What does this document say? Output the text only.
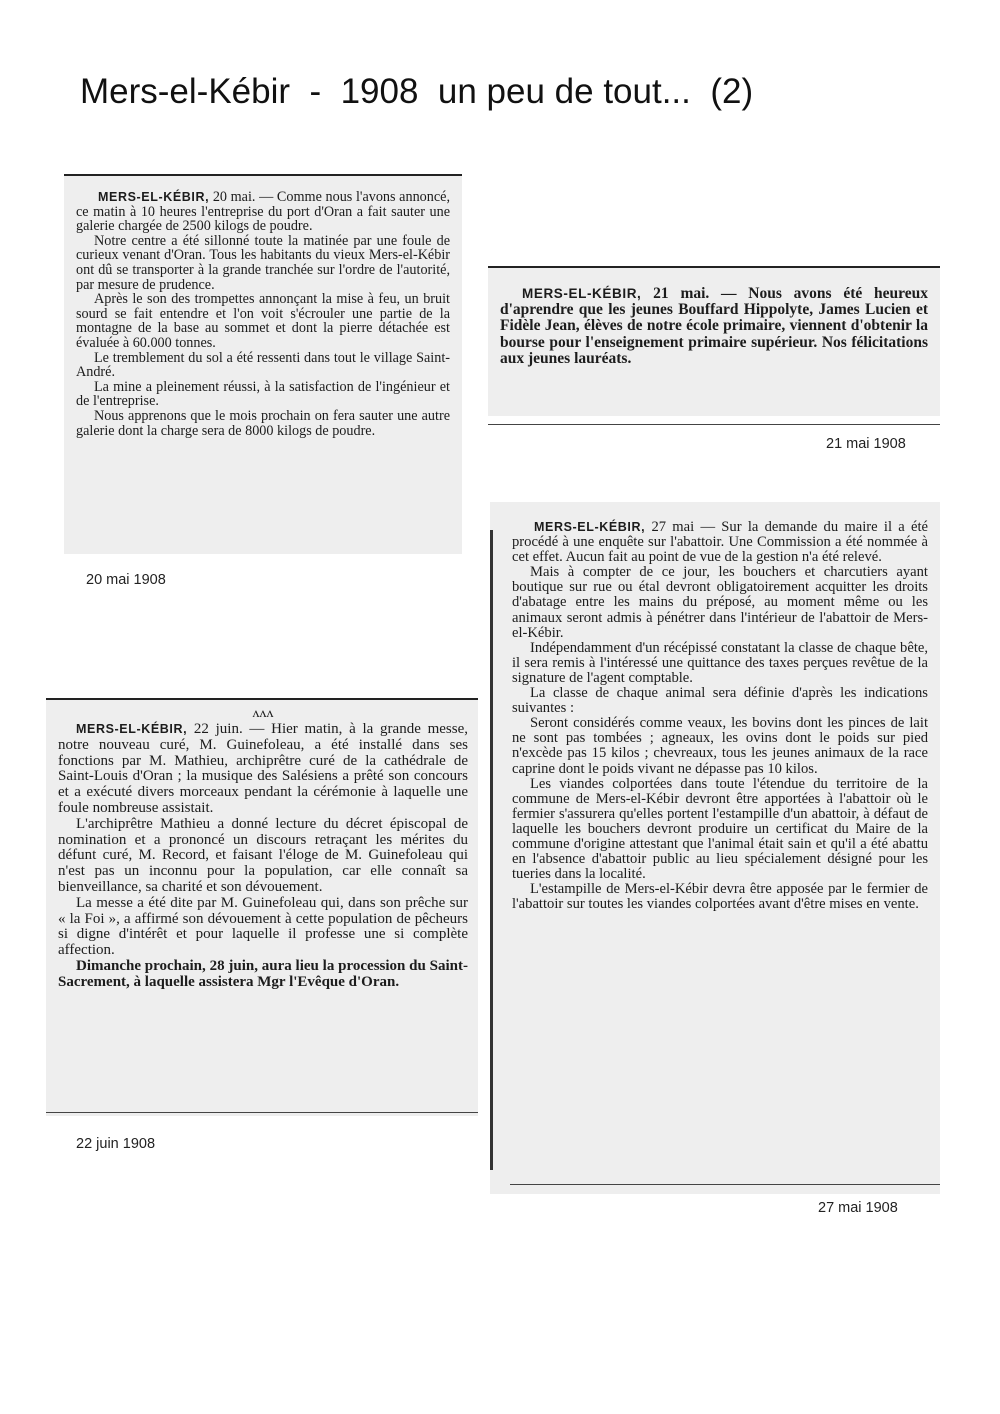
Mers-el-Kébir  -  1908  un peu de tout...  (2)

MERS-EL-KÉBIR, 20 mai. — Comme nous l'avons annoncé, ce matin à 10 heures l'entreprise du port d'Oran a fait sauter une galerie chargée de 2500 kilogs de poudre.

Notre centre a été sillonné toute la matinée par une foule de curieux venant d'Oran. Tous les habitants du vieux Mers-el-Kébir ont dû se transporter à la grande tranchée sur l'ordre de l'autorité, par mesure de prudence.

Après le son des trompettes annonçant la mise à feu, un bruit sourd se fait entendre et l'on voit s'écrouler une partie de la montagne de la base au sommet et dont la pierre détachée est évaluée à 60.000 tonnes.

Le tremblement du sol a été ressenti dans tout le village Saint-André.

La mine a pleinement réussi, à la satisfaction de l'ingénieur et de l'entreprise.

Nous apprenons que le mois prochain on fera sauter une autre galerie dont la charge sera de 8000 kilogs de poudre.

20 mai 1908

MERS-EL-KÉBIR, 21 mai. — Nous avons été heureux d'aprendre que les jeunes Bouffard Hippolyte, James Lucien et Fidèle Jean, élèves de notre école primaire, viennent d'obtenir la bourse pour l'enseignement primaire supérieur. Nos félicitations aux jeunes lauréats.

21 mai 1908
ᴧᴧᴧ

MERS-EL-KÉBIR, 22 juin. — Hier matin, à la grande messe, notre nouveau curé, M. Guinefoleau, a été installé dans ses fonctions par M. Mathieu, archiprêtre curé de la cathédrale de Saint-Louis d'Oran ; la musique des Salésiens a prêté son concours et a exécuté divers morceaux pendant la cérémonie à laquelle une foule nombreuse assistait.

L'archiprêtre Mathieu a donné lecture du décret épiscopal de nomination et a prononcé un discours retraçant les mérites du défunt curé, M. Record, et faisant l'éloge de M. Guinefoleau qui n'est pas un inconnu pour la population, car elle connaît sa bienveillance, sa charité et son dévouement.

La messe a été dite par M. Guinefoleau qui, dans son prêche sur « la Foi », a affirmé son dévouement à cette population de pêcheurs si digne d'intérêt et pour laquelle il professe une si complète affection.

Dimanche prochain, 28 juin, aura lieu la procession du Saint-Sacrement, à laquelle assistera Mgr l'Evêque d'Oran.

22 juin 1908

MERS-EL-KÉBIR, 27 mai — Sur la demande du maire il a été procédé à une enquête sur l'abattoir. Une Commission a été nommée à cet effet. Aucun fait au point de vue de la gestion n'a été relevé.

Mais à compter de ce jour, les bouchers et charcutiers ayant boutique sur rue ou étal devront obligatoirement acquitter les droits d'abatage entre les mains du préposé, au moment même ou les animaux seront admis à pénétrer dans l'intérieur de l'abattoir de Mers-el-Kébir.

Indépendamment d'un récépissé constatant la classe de chaque bête, il sera remis à l'intéressé une quittance des taxes perçues revêtue de la signature de l'agent comptable.

La classe de chaque animal sera définie d'après les indications suivantes :

Seront considérés comme veaux, les bovins dont les pinces de lait ne sont pas tombées ; agneaux, les ovins dont le poids sur pied n'excède pas 15 kilos ; chevreaux, tous les jeunes animaux de la race caprine dont le poids vivant ne dépasse pas 10 kilos.

Les viandes colportées dans toute l'étendue du territoire de la commune de Mers-el-Kébir devront être apportées à l'abattoir où le fermier s'assurera qu'elles portent l'estampille d'un abattoir, à défaut de laquelle les bouchers devront produire un certificat du Maire de la commune d'origine attestant que l'animal était sain et qu'il a été abattu en l'absence d'abattoir public au lieu spécialement désigné pour les tueries dans la localité.

L'estampille de Mers-el-Kébir devra être apposée par le fermier de l'abattoir sur toutes les viandes colportées avant d'être mises en vente.

27 mai 1908
